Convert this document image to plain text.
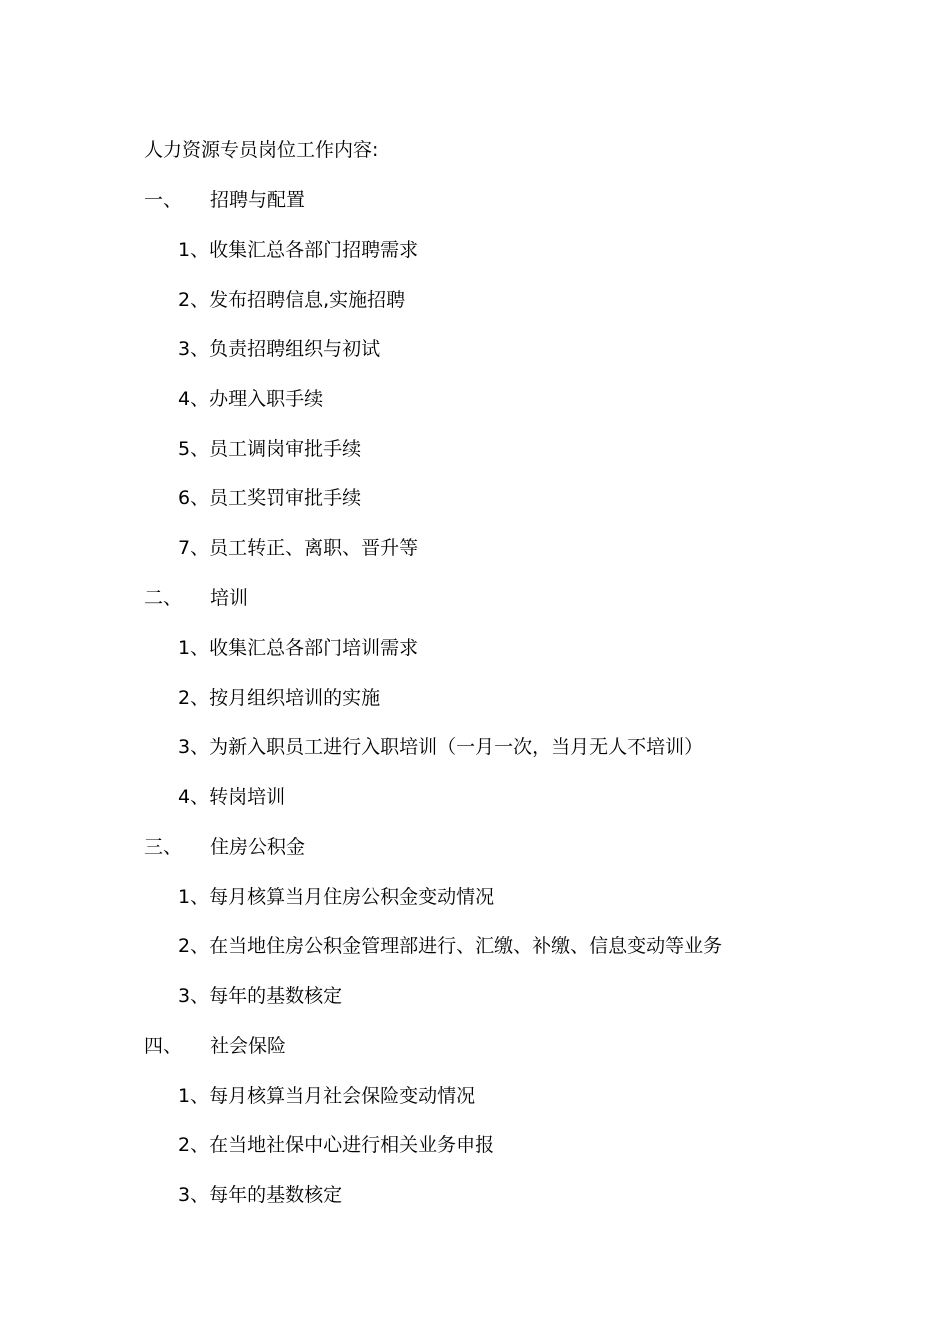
人力资源专员岗位工作内容:
一、 招聘与配置
1、收集汇总各部门招聘需求
2、发布招聘信息,实施招聘
3、负责招聘组织与初试
4、办理入职手续
5、员工调岗审批手续
6、员工奖罚审批手续
7、员工转正、离职、晋升等
二、 培训
1、收集汇总各部门培训需求
2、按月组织培训的实施
3、为新入职员工进行入职培训（一月一次，当月无人不培训）
4、转岗培训
三、 住房公积金
1、每月核算当月住房公积金变动情况
2、在当地住房公积金管理部进行、汇缴、补缴、信息变动等业务
3、每年的基数核定
四、 社会保险
1、每月核算当月社会保险变动情况
2、在当地社保中心进行相关业务申报
3、每年的基数核定
